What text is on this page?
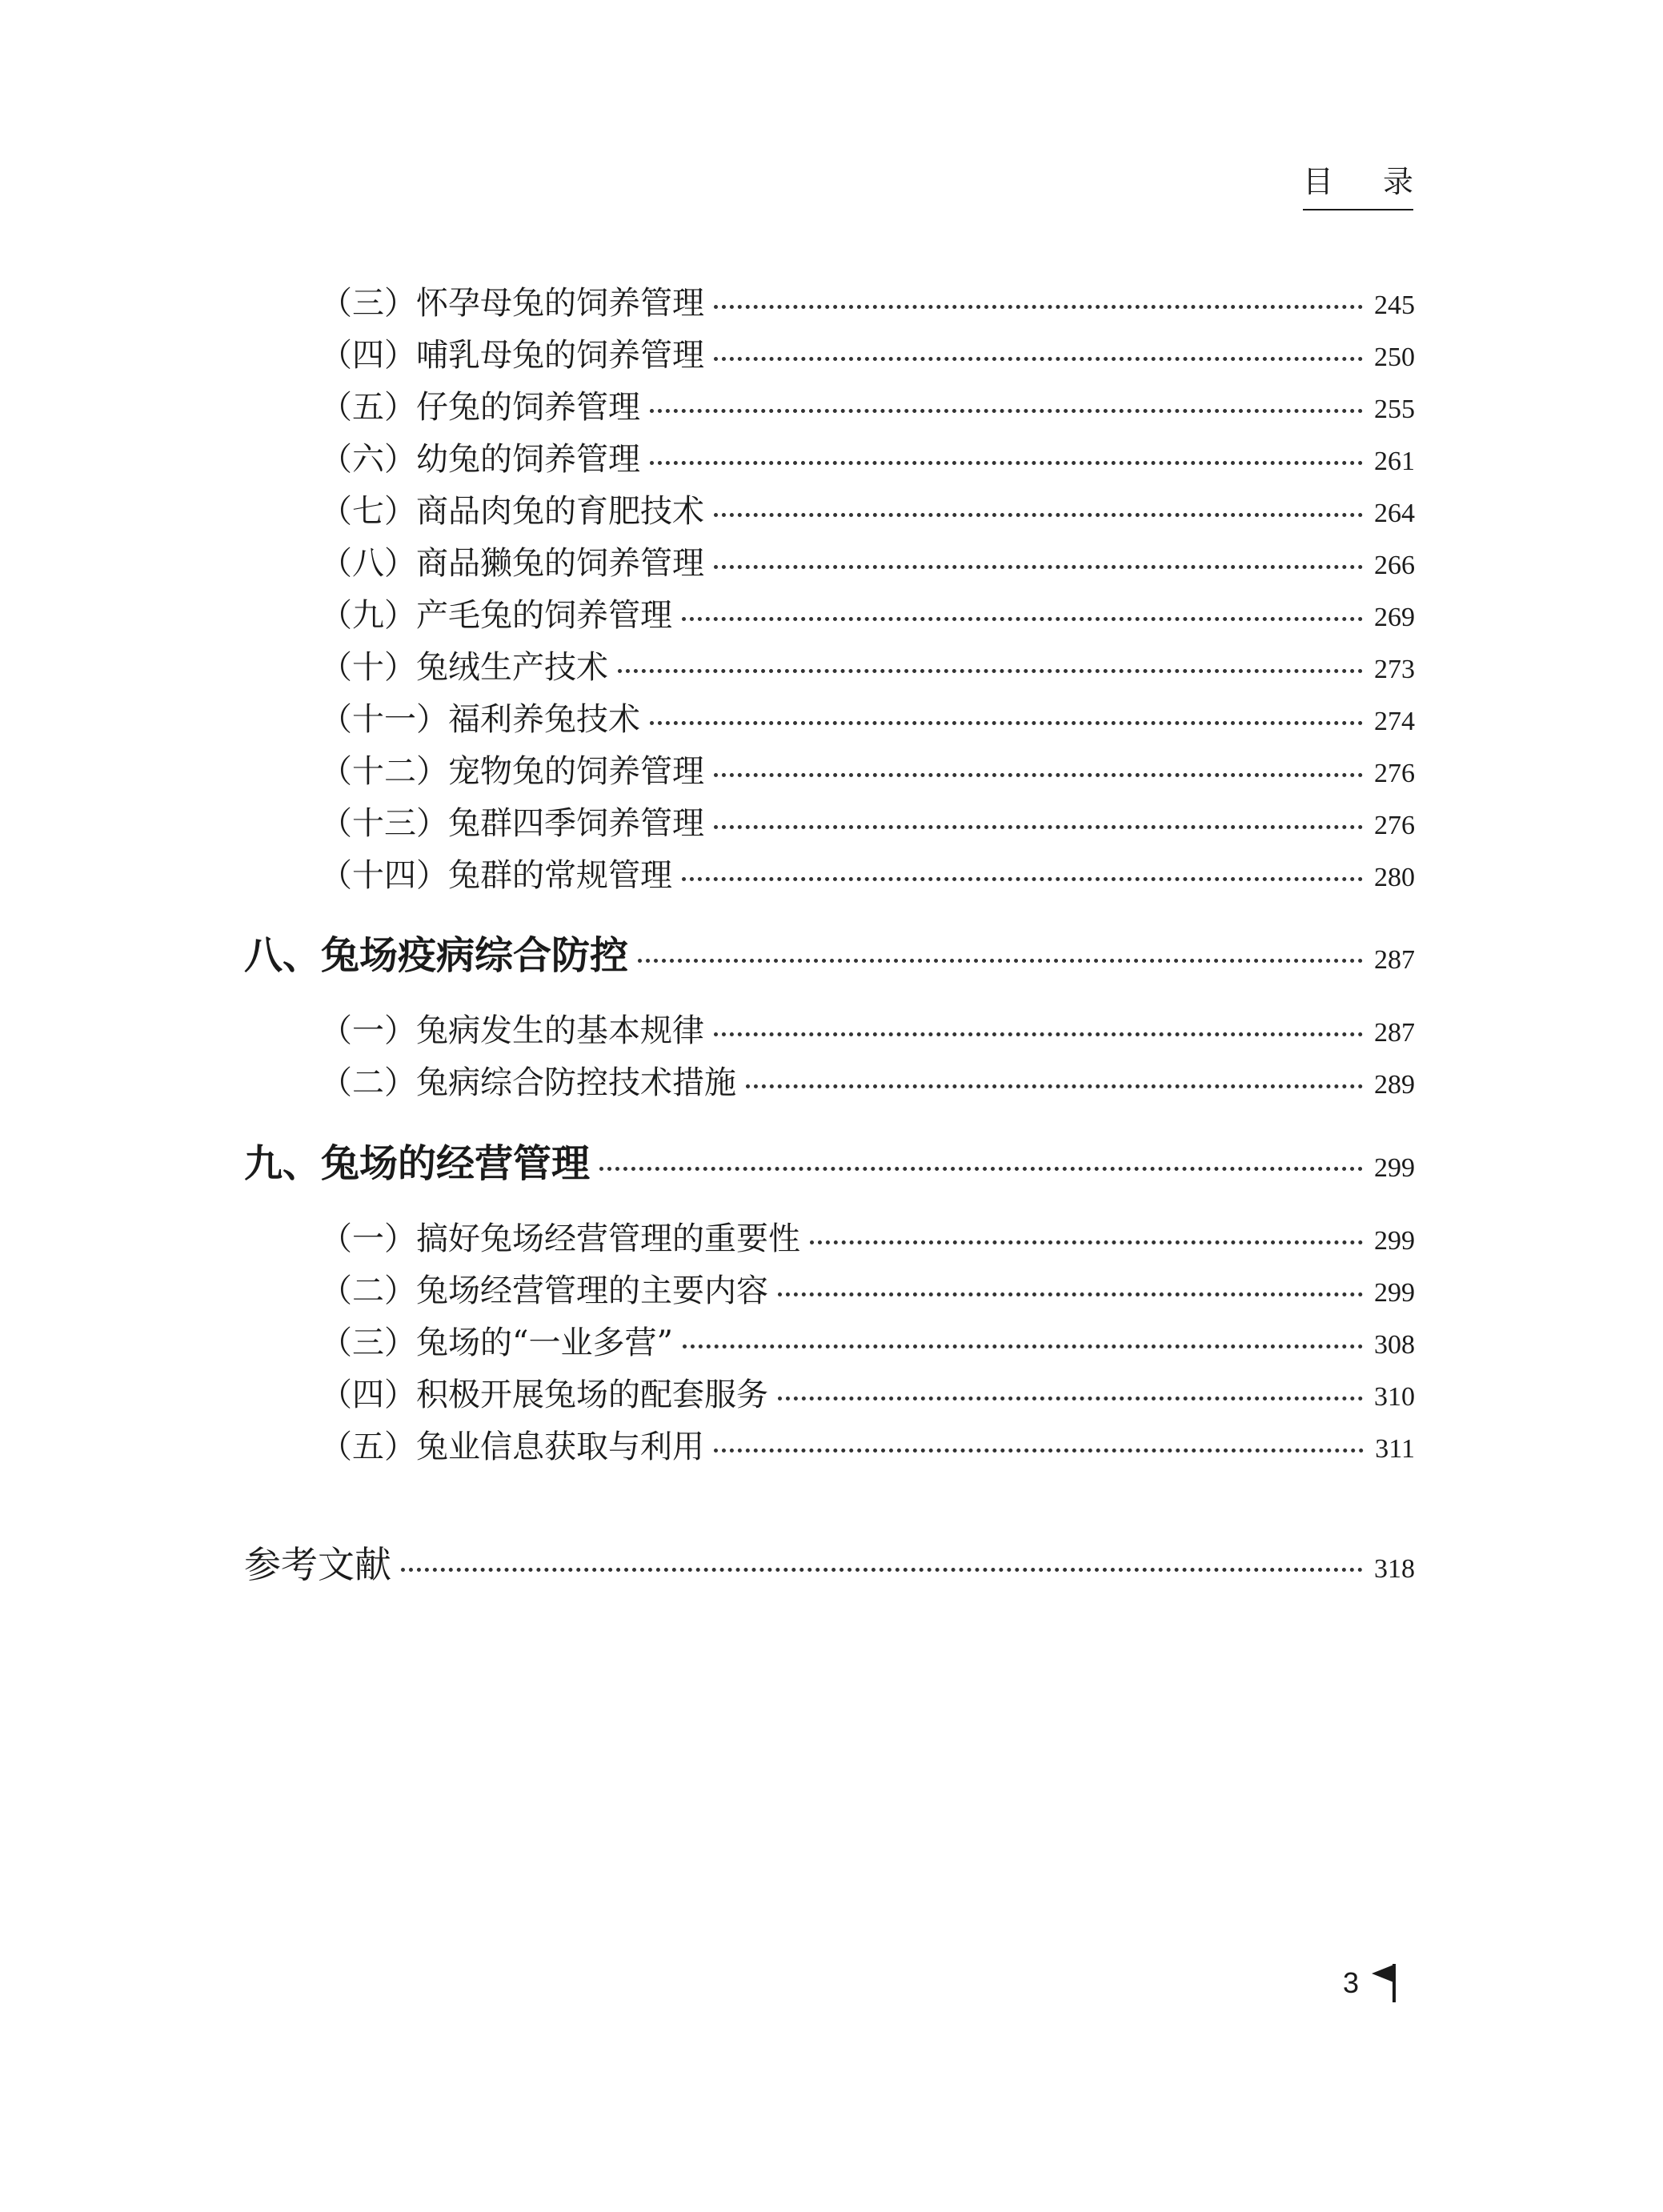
目 录
（三）怀孕母兔的饲养管理	245
（四）哺乳母兔的饲养管理	250
（五）仔兔的饲养管理	255
（六）幼兔的饲养管理	261
（七）商品肉兔的育肥技术	264
（八）商品獭兔的饲养管理	266
（九）产毛兔的饲养管理	269
（十）兔绒生产技术	273
（十一）福利养兔技术	274
（十二）宠物兔的饲养管理	276
（十三）兔群四季饲养管理	276
（十四）兔群的常规管理	280
八、兔场疫病综合防控	287
（一）兔病发生的基本规律	287
（二）兔病综合防控技术措施	289
九、兔场的经营管理	299
（一）搞好兔场经营管理的重要性	299
（二）兔场经营管理的主要内容	299
（三）兔场的“一业多营”	308
（四）积极开展兔场的配套服务	310
（五）兔业信息获取与利用	311
参考文献	318
3
